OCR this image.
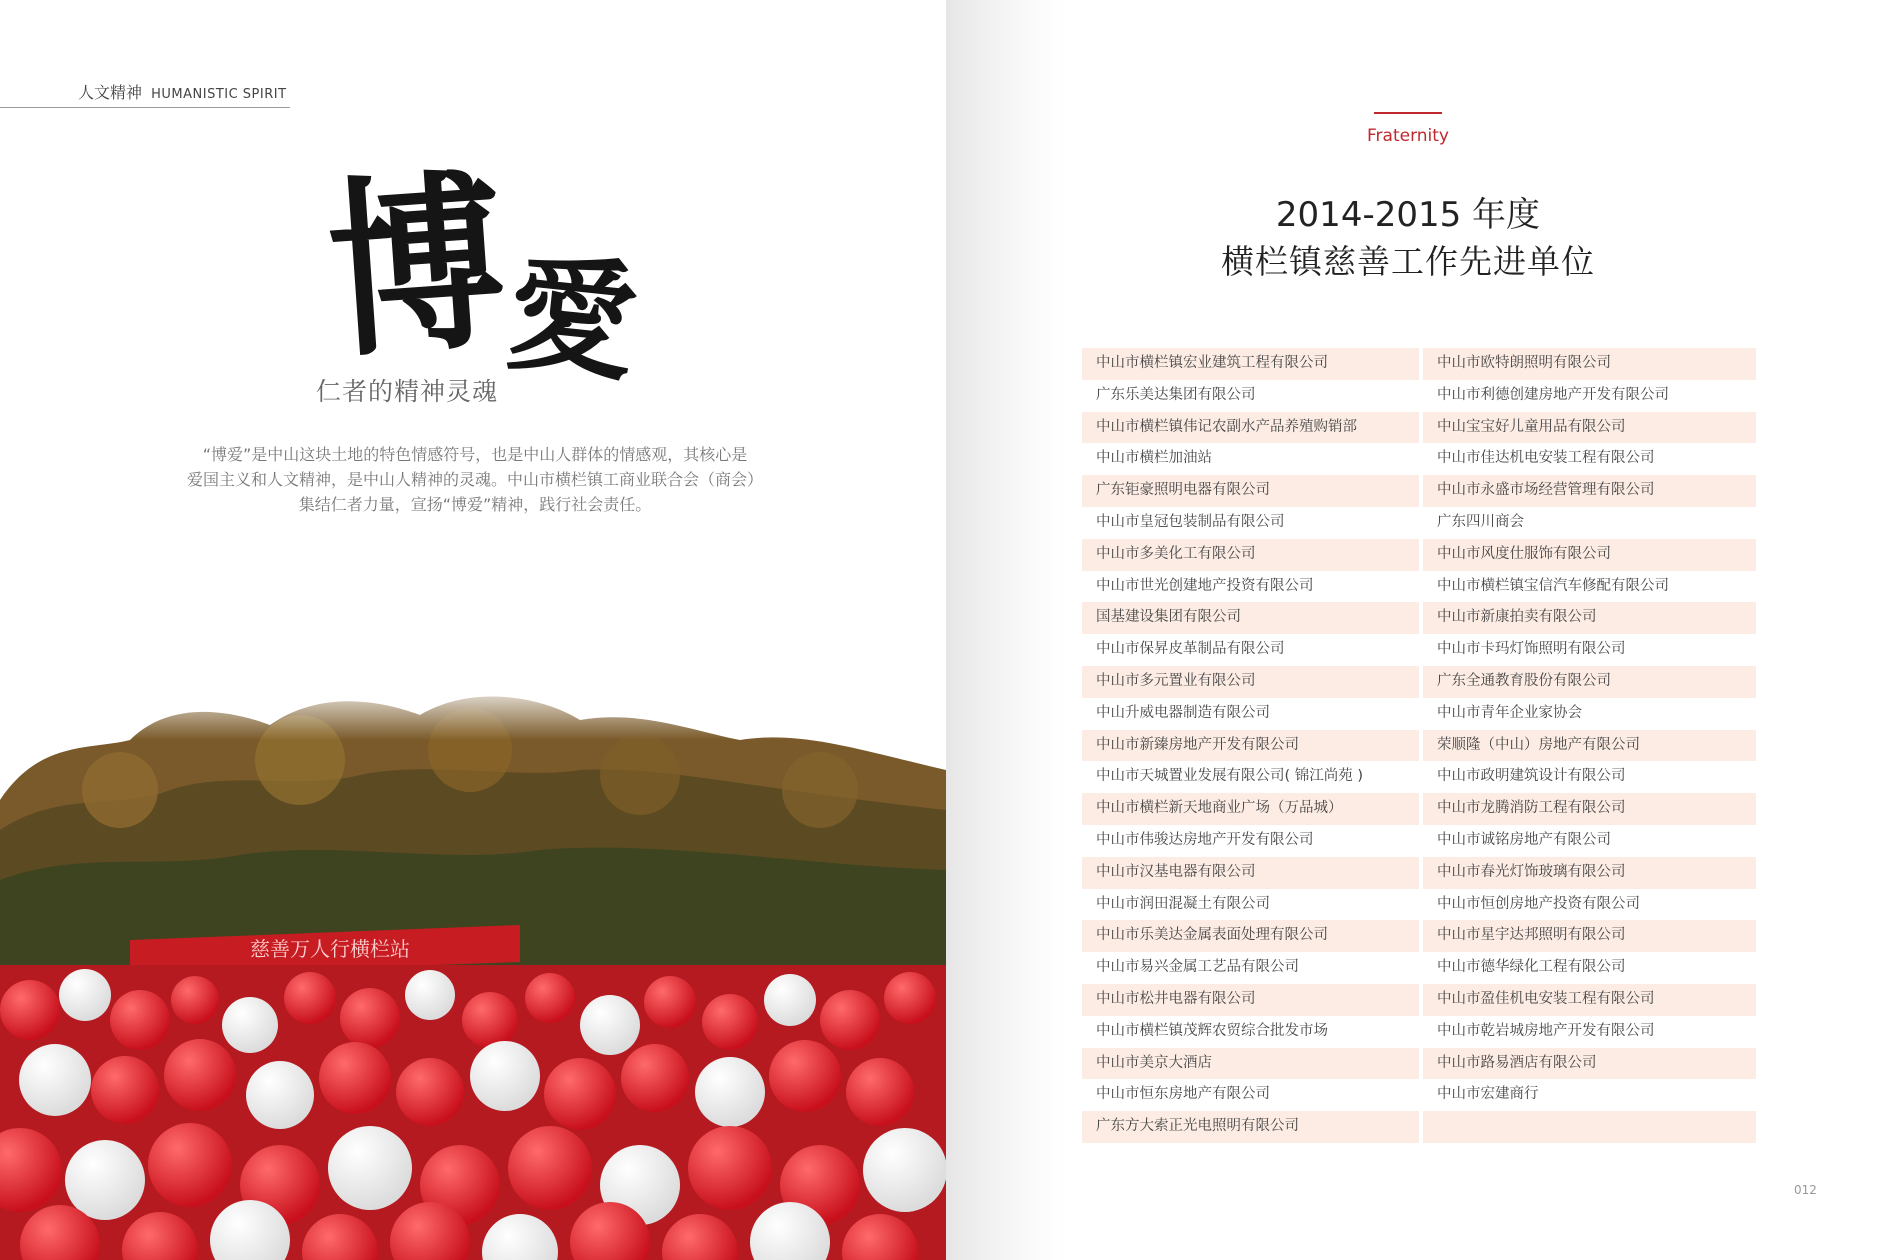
人文精神 HUMANISTIC SPIRIT
博
愛
仁者的精神灵魂
“博爱”是中山这块土地的特色情感符号，也是中山人群体的情感观，其核心是
爱国主义和人文精神，是中山人精神的灵魂。中山市横栏镇工商业联合会（商会）
集结仁者力量，宣扬“博爱”精神，践行社会责任。
慈善万人行横栏站
Fraternity
2014-2015 年度
横栏镇慈善工作先进单位
中山市横栏镇宏业建筑工程有限公司	中山市欧特朗照明有限公司
广东乐美达集团有限公司	中山市利德创建房地产开发有限公司
中山市横栏镇伟记农副水产品养殖购销部	中山宝宝好儿童用品有限公司
中山市横栏加油站	中山市佳达机电安装工程有限公司
广东钜豪照明电器有限公司	中山市永盛市场经营管理有限公司
中山市皇冠包装制品有限公司	广东四川商会
中山市多美化工有限公司	中山市风度仕服饰有限公司
中山市世光创建地产投资有限公司	中山市横栏镇宝信汽车修配有限公司
国基建设集团有限公司	中山市新康拍卖有限公司
中山市保昇皮革制品有限公司	中山市卡玛灯饰照明有限公司
中山市多元置业有限公司	广东全通教育股份有限公司
中山升威电器制造有限公司	中山市青年企业家协会
中山市新臻房地产开发有限公司	荣顺隆（中山）房地产有限公司
中山市天城置业发展有限公司( 锦江尚苑 )	中山市政明建筑设计有限公司
中山市横栏新天地商业广场（万品城）	中山市龙腾消防工程有限公司
中山市伟骏达房地产开发有限公司	中山市诚铭房地产有限公司
中山市汉基电器有限公司	中山市春光灯饰玻璃有限公司
中山市润田混凝土有限公司	中山市恒创房地产投资有限公司
中山市乐美达金属表面处理有限公司	中山市星宇达邦照明有限公司
中山市易兴金属工艺品有限公司	中山市德华绿化工程有限公司
中山市松井电器有限公司	中山市盈佳机电安装工程有限公司
中山市横栏镇茂辉农贸综合批发市场	中山市乾岩城房地产开发有限公司
中山市美京大酒店	中山市路易酒店有限公司
中山市恒东房地产有限公司	中山市宏建商行
广东方大索正光电照明有限公司
012
